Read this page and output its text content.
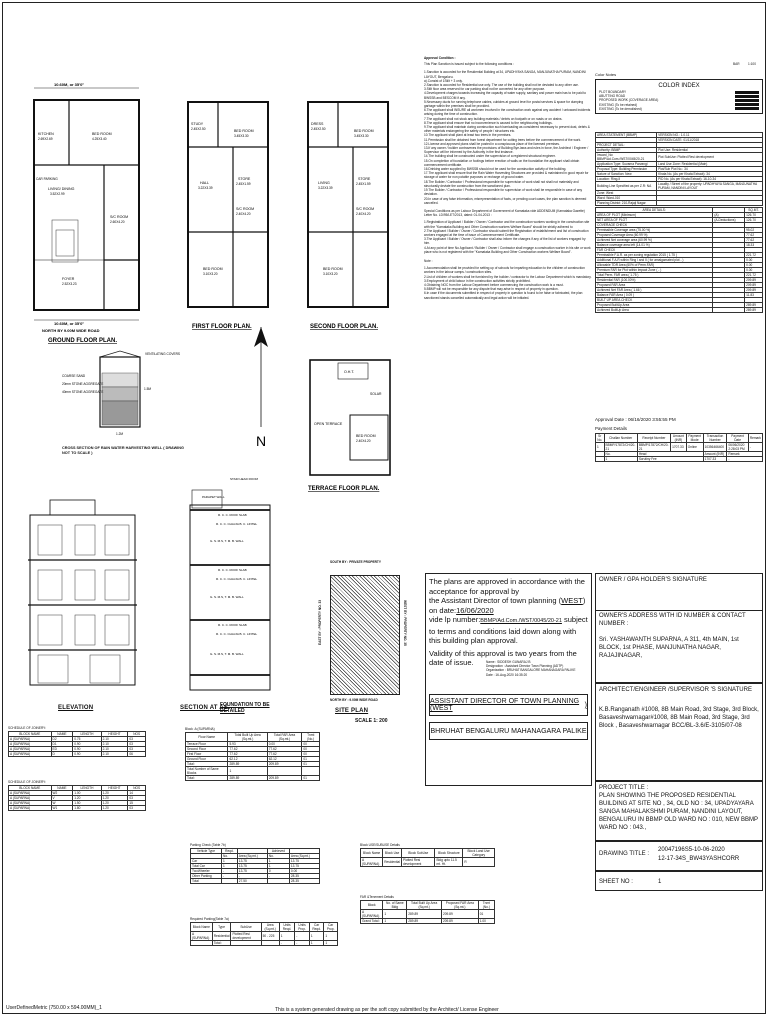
10.60M, or 35'0"
KITCHEN
2.69X2.69
BED ROOM
4.25X3.40
LIVING/ DINING
3.52X2.99
CAR PARKING
S/C ROOM
2.60X4.20
FOYER
2.52X3.23
10.60M, or 35'0"
NORTH BY 9.00M WIDE ROAD
GROUND FLOOR PLAN.
STUDY
2.45X2.50	BED ROOM
3.45X3.30
HALL
3.22X3.39
STORE
2.45X1.59
S/C ROOM
2.40X4.20
BED ROOM
3.10X3.20
FIRST FLOOR PLAN.
DRESS
2.45X2.50	BED ROOM
3.45X3.30
LIVING
3.22X3.39
STORE
2.45X1.59
S/C ROOM
2.40X4.20
BED ROOM
3.10X3.20
SECOND FLOOR PLAN.
VENTILATING COVERS
COARSE SAND
20mm STONE AGGREGATE
40mm STONE AGGREGATE
1.5M
1.2M
CROSS SECTION OF RAIN WATER HARVESTING WELL ( DRAWING NOT TO SCALE )
N
O.H.T.
OPEN TERRACE
BED ROOM
2.40X4.20
SOLAR
TERRACE FLOOR PLAN.
ELEVATION
PARAPET WALL
R. C. C. ROOF SLAB
R. C. C. CHAJJA B. C. LINTEL
G. S. M.S, T. M. B. WALL
R. C. C. ROOF SLAB
R. C. C. CHAJJA B. C. LINTEL
G. S. M.S, T. M. B. WALL
R. C. C. ROOF SLAB
R. C. C. CHAJJA B. C. LINTEL
G. S. M.S, T. M. B. WALL
STAIR HEAD ROOM
SECTION AT AS
FOUNDATION TO BE DETAILED
SOUTH BY : PRIVATE PROPERTY
EAST BY : PROPERTY NO. 33	WEST BY : PROPERTY NO. 35
NORTH BY : 9.00M WIDE ROAD
SITE PLAN
SCALE 1: 200
Approval Condition :
This Plan Sanction is issued subject to the following conditions :
1.Sanction is accorded for the Residential Building at 34, UPADHYAYA SANGA, MANJUNATHA PURAM, NANDINI LAYOUT, Bengaluru.
a).Consist of 1Stilt + 3 only.
2.Sanction is accorded for Residential use only. The use of the building shall not be deviated to any other use.
3.Stilt floor area reserved for car parking shall not be converted for any other purpose.
4.Development charges towards increasing the capacity of water supply, sanitary and power main has to be paid to BWSSB and BESCOM if any.
5.Necessary ducts for running telephone cables, cubicles at ground level for postal services & space for dumping garbage within the premises shall be provided.
6.The applicant shall INSURE all workmen involved in the construction work against any accident / untoward incidents arising during the time of construction.
7.The applicant shall not stock any building materials / debris on footpath or on roads or on drains.
8.The applicant shall ensure that no inconvenience is caused to the neighbouring buildings.
9.The applicant shall maintain during construction such barricading as considered necessary to prevent dust, debris & other materials endangering the safety of people / structures etc.
10.The applicant shall plant at least two trees in the premises.
11.Permission shall be obtained from forest department for cutting trees before the commencement of the work.
12.License and approved plans shall be posted in a conspicuous place of the licensed premises.
13.If any owner / builder contravenes the provisions of Building Bye-laws and rules in force, the Architect / Engineer / Supervisor will be informed by the Authority in the first instance.
14.The building shall be constructed under the supervision of a registered structural engineer.
15.On completion of foundation or footings before erection of walls on the foundation the applicant shall obtain commencement certificate.
16.Drinking water supplied by BWSSB should not be used for the construction activity of the building.
17.The applicant shall ensure that the Rain Water Harvesting Structures are provided & maintained in good repair for storage of water for non potable purposes or recharge of ground water.
18.The Builder / Contractor / Professional responsible for supervision of work shall not shall not materially and structurally deviate the construction from the sanctioned plan.
19.The Builder / Contractor / Professional responsible for supervision of work shall be responsible in case of any deviation.
20.In case of any false information, misrepresentation of facts, or pending court cases, the plan sanction is deemed cancelled.
Special Conditions as per Labour Department of Government of Karnataka vide ADDENDUM (Karnataka Gazette) Letter No. LD/95/LET/2013, dated: 01-04-2013 :
1.Registration of Applicant / Builder / Owner / Contractor and the construction workers working in the construction site with the "Karnataka Building and Other Construction workers Welfare Board" should be strictly adhered to
2.The Applicant / Builder / Owner / Contractor should submit the Registration of establishment and list of construction workers engaged at the time of issue of Commencement Certificate.
3.The Applicant / Builder / Owner / Contractor shall also inform the changes if any of the list of workers engaged by him.
4.At any point of time No Applicant / Builder / Owner / Contractor shall engage a construction worker in his site or work place who is not registered with the "Karnataka Building and Other Construction workers Welfare Board".
Note :
1.Accommodation shall be provided for setting up of schools for imparting education to the children of construction workers in the labour camps / construction sites.
2.List of children of workers shall be furnished by the builder / contractor to the Labour Department which is mandatory.
3.Employment of child labour in the construction activities strictly prohibited.
4.Obtaining NOC from the Labour Department before commencing the construction work is a must.
5.BBMP will not be responsible for any dispute that may arise in respect of property in question.
6.In case if the documents submitted in respect of property in question is found to be false or fabricated, the plan sanctioned stands cancelled automatically and legal action will be initiated.
BAR	1:100
Color Notes
COLOR INDEX
PLOT BOUNDARY
ABUTTING ROAD
PROPOSED WORK (COVERAGE AREA)
EXISTING (To be retained)
EXISTING (To be demolished)
AREA STATEMENT (BBMP)	VERSION NO.: 1.0.11
	VERSION DATE: 01/11/2018
PROJECT DETAIL:	
Authority: BBMP	Plot Use: Residential
Inward_No: BBMP/Ad.Com./WST/0045/20-21	Plot SubUse: Plotted Resi development
Application Type: Suvarna Parvangi	Land Use Zone: Residential (Main)
Proposal Type: Building Permission	Plot/Sub Plot No.: 34
Nature of Sanction: New	Khata No. (As per Khata Extract): 34
Location: Ring-II	PID No. (As per Khata Extract): 16-10-34
Building Line Specified as per Z.R: NA	Locality / Street of the property: UPADHYAYA SANGA, MANJUNATHA PURAM, NANDINI LAYOUT
Zone: West	
Ward: Ward-010	
Planning District: 210-Rajaji Nagar	
AREA DETAILS:		SQ.MT.
AREA OF PLOT (Minimum)	(A)	126.70
NET AREA OF PLOT	(A-Deductions)	126.70
COVERAGE CHECK		
Permissible Coverage area (75.00 %)		95.02
Proposed Coverage Area (60.99 %)		77.62
Achieved Net coverage area (60.99 %)		77.62
Balance coverage area left (14.01 %)		18.33
FAR CHECK		
Permissible F.A.R. as per zoning regulation 2015 ( 1.75 )		221.72
Additional F.A.R within Ring I and II ( for amalgamated plot - )		0.00
Allowable TDR Area (60% of Perm.FAR)		0.00
Premium FAR for Plot within Impact Zone ( - )		0.00
Total Perm. FAR area ( 1.75 )		221.72
Residential FAR (100.00%)		209.89
Proposed FAR Area		209.89
Achieved Net FAR Area ( 1.66 )		209.89
Balance FAR Area ( 0.09 )		11.83
BUILT UP AREA CHECK		
Proposed BuiltUp Area		289.89
Achieved BuiltUp Area		289.89
Approval Date : 06/16/2020 3:55:55 PM
Payment Details
Sr No.	Challan Number	Receipt Number	Amount (INR)	Payment Mode	Transaction Number	Payment Date	Remark
1	BBMP/17872/CH/20-21	BBMP/17872/CH/20-21	1707.33	Online	10356466400	06/06/2020 2:28:03 PM	-
	No.	Head			Amount (INR)	Remark	
	1	Scrutiny Fee			1707.33	-	
The plans are approved in accordance with the acceptance for approval by
the Assistant Director of town planning (WEST) on date:16/06/2020
vide lp number:BBMP/Ad.Com./WST/0045/20-21 subject
to terms and conditions laid down along with this building plan approval.
Validity of this approval is two years from the date of issue.	Name : SIDDESH GUNARAJ B
Designation : Assistant Director Town Planning (ADTP)
Organization : BRUHAT BANGALORE MAHANAGARA PALIKE
Date : 16-Aug-2020 16:35:20
ASSISTANT DIRECTOR OF TOWN PLANNING (WEST	)
BHRUHAT BENGALURU MAHANAGARA PALIKE
OWNER / GPA HOLDER'S SIGNATURE
OWNER'S ADDRESS WITH ID NUMBER & CONTACT NUMBER :
Sri. YASHAWANTH SUPARNA, A 311, 4th MAIN, 1st BLOCK, 1st PHASE, MANJUNATHA NAGAR, RAJAJINAGAR,
ARCHITECT/ENGINEER /SUPERVISOR 'S SIGNATURE
K.B.Ranganath #1008, 8B Main Road, 3rd Stage, 3rd Block, Basaveshwarnagar#1008, 8B Main Road, 3rd Stage, 3rd Block , Basaveshwarnagar BCC/BL-3.6/E-3105/07-08
PROJECT TITLE :
PLAN SHOWING THE PROPOSED RESIDENTIAL BUILDING AT SITE NO , 34, OLD NO : 34, UPADYAYARA SANGA MAHALAKSHMI PURAM, NANDINI LAYOUT, BENGALURU IN BBMP OLD WARD NO : 010, NEW BBMP WARD NO : 043.,
DRAWING TITLE :
20047196S5-10-06-2020
12-17-34S_BW43YASHCORR
SHEET NO :	1
SCHEDULE OF JOINERY:
BLOCK NAME	NAME	LENGTH	HEIGHT	NOS
A (SUPARNA)	D2	0.75	2.10	03
A (SUPARNA)	D1	0.90	2.10	03
A (SUPARNA)	ED	0.90	2.10	03
A (SUPARNA)	D	0.90	2.10	06
SCHEDULE OF JOINERY:
BLOCK NAME	NAME	LENGTH	HEIGHT	NOS
A (SUPARNA)	W2	1.00	1.20	14
A (SUPARNA)	V	1.20	1.20	03
A (SUPARNA)	W	1.50	1.20	15
A (SUPARNA)	W1	1.80	1.20	03
Block :A (SUPARNA)
Floor Name	Total Built Up Area (Sq.mt.)	Total FAR Area (Sq.mt.)	Tnmt (No.)
Terrace Floor	5.93	0.00	00
Second Floor	77.62	77.62	00
First Floor	77.62	77.62	00
Ground Floor	62.12	62.12	01
Total:	289.89	209.89	01
Total Number of Same Blocks	1		
Total:	289.89	209.89	01
Parking Check (Table 7b)
Vehicle Type	Reqd.		Achieved	
	No.	Area (Sq.mt.)	No.	Area (Sq.mt.)
Car	1	13.75	1	13.75
Total Car	1	13.75	1	13.75
TwoWheeler	-	13.75	0	0.00
Other Parking	-	-	-	28.35
Total		27.50		28.35
Required Parking(Table 7a)
Block Name	Type	SubUse	Area (Sq.mt.)	Units Reqd.	Units Prop.	Car Reqd.	Car Prop.
A (SUPARNA)	Residential	Plotted Resi development	50 - 225	1	-	1	1
	Total :			-	-	1	1
Block USE/SUBUSE Details
Block Name	Block Use	Block SubUse	Block Structure	Block Land Use Category
A (SUPARNA)	Residential	Plotted Resi development	Bldg upto 11.5 mt. Ht.	R
FAR &Tenement Details
Block	No. of Same Bldg	Total Built Up Area (Sq.mt.)	Proposed FAR Area (Sq.mt.)	Tnmt (No.)
A (SUPARNA)	1	289.89	209.89	01
Grand Total :	1	289.89	209.89	1.00
UserDefinedMetric (750.00 x 594.00MM)_1	This is a system generated drawing as per the soft copy submitted by the Architect/ License Engineer
